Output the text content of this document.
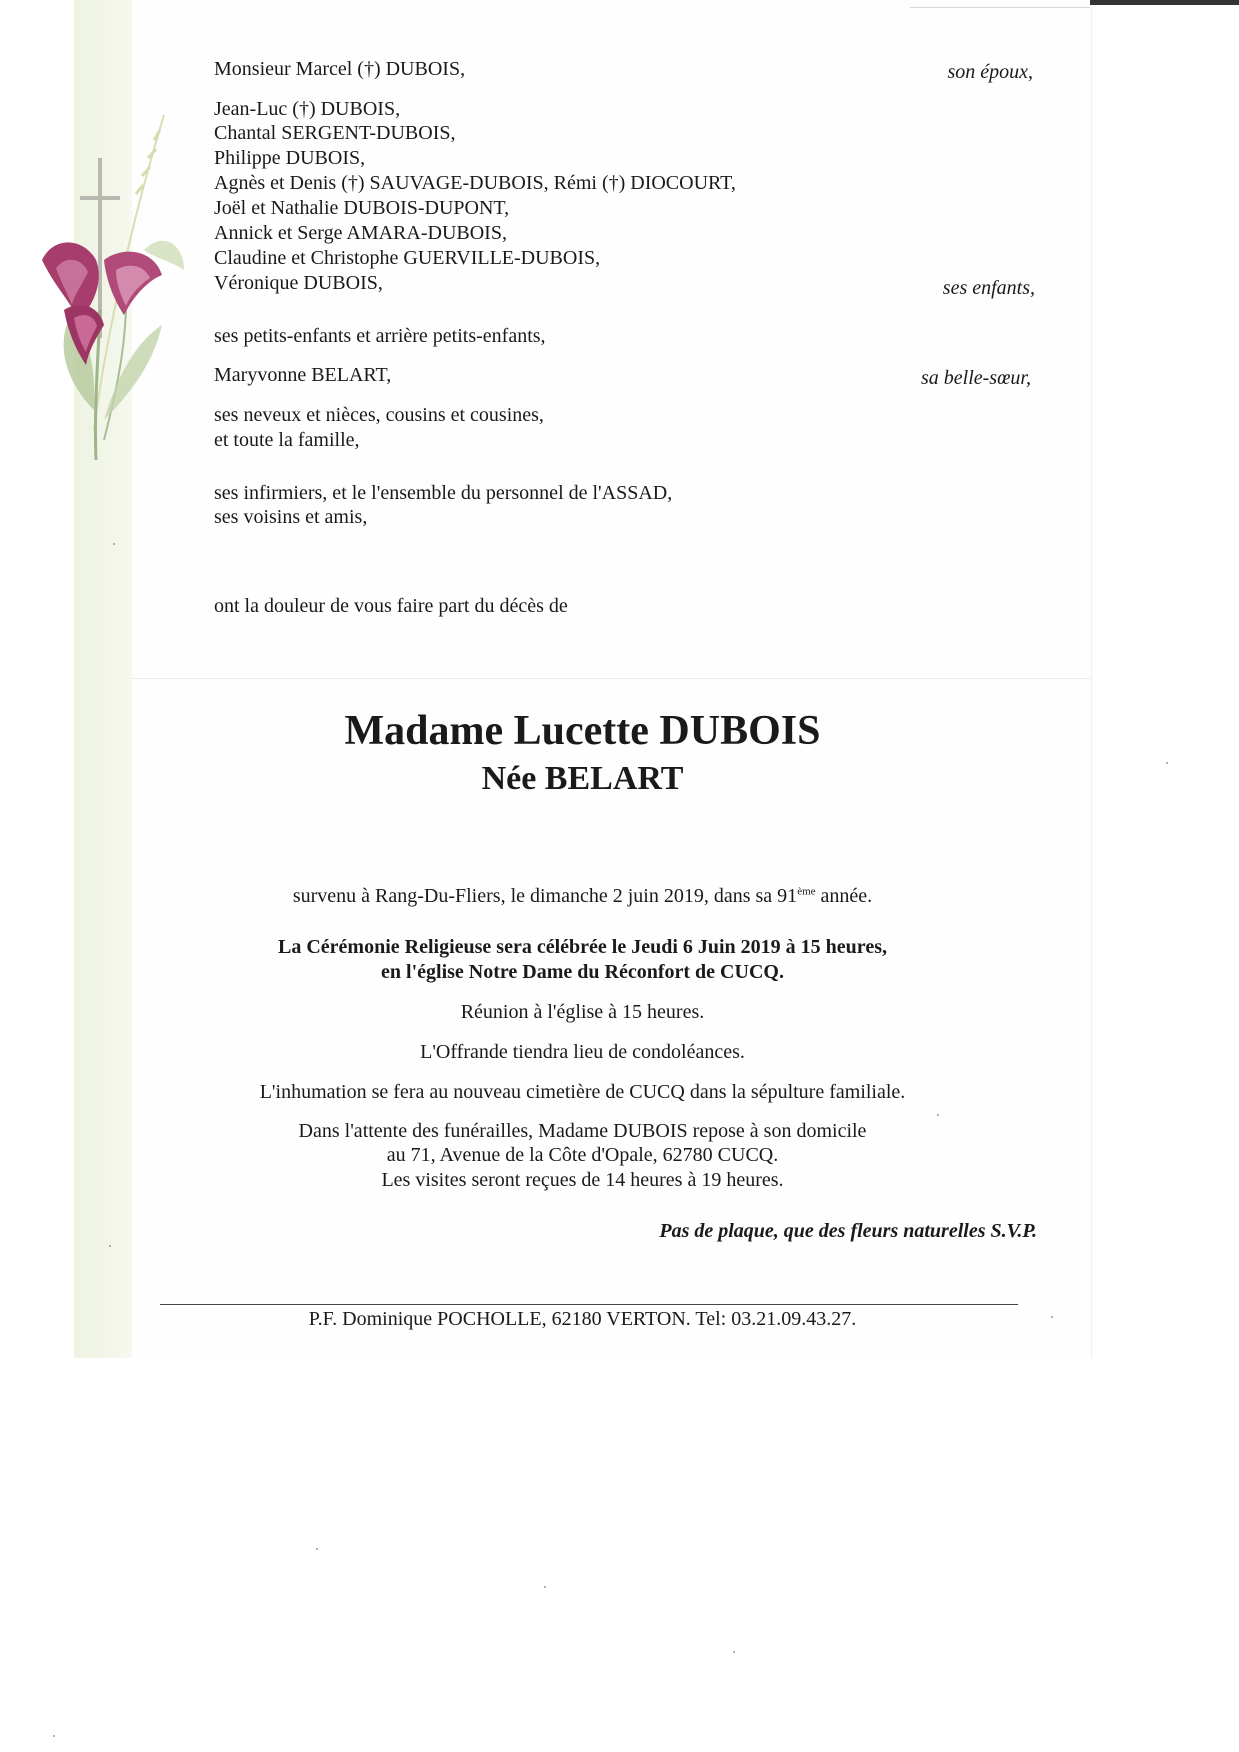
Monsieur Marcel (†) DUBOIS,	son époux,
Jean-Luc (†) DUBOIS,
Chantal SERGENT-DUBOIS,
Philippe DUBOIS,
Agnès et Denis (†) SAUVAGE-DUBOIS, Rémi (†) DIOCOURT,
Joël et Nathalie DUBOIS-DUPONT,
Annick et Serge AMARA-DUBOIS,
Claudine et Christophe GUERVILLE-DUBOIS,
Véronique DUBOIS,	ses enfants,
ses petits-enfants et arrière petits-enfants,
Maryvonne BELART,	sa belle-sœur,
ses neveux et nièces, cousins et cousines,
et toute la famille,
ses infirmiers, et le l'ensemble du personnel de l'ASSAD,
ses voisins et amis,
ont la douleur de vous faire part du décès de
Madame Lucette DUBOIS
Née BELART
survenu à Rang-Du-Fliers, le dimanche 2 juin 2019, dans sa 91ème année.
La Cérémonie Religieuse sera célébrée le Jeudi 6 Juin 2019 à 15 heures,
en l'église Notre Dame du Réconfort de CUCQ.
Réunion à l'église à 15 heures.
L'Offrande tiendra lieu de condoléances.
L'inhumation se fera au nouveau cimetière de CUCQ dans la sépulture familiale.
Dans l'attente des funérailles, Madame DUBOIS repose à son domicile
au 71, Avenue de la Côte d'Opale, 62780 CUCQ.
Les visites seront reçues de 14 heures à 19 heures.
Pas de plaque, que des fleurs naturelles S.V.P.
P.F. Dominique POCHOLLE, 62180 VERTON. Tel: 03.21.09.43.27.
